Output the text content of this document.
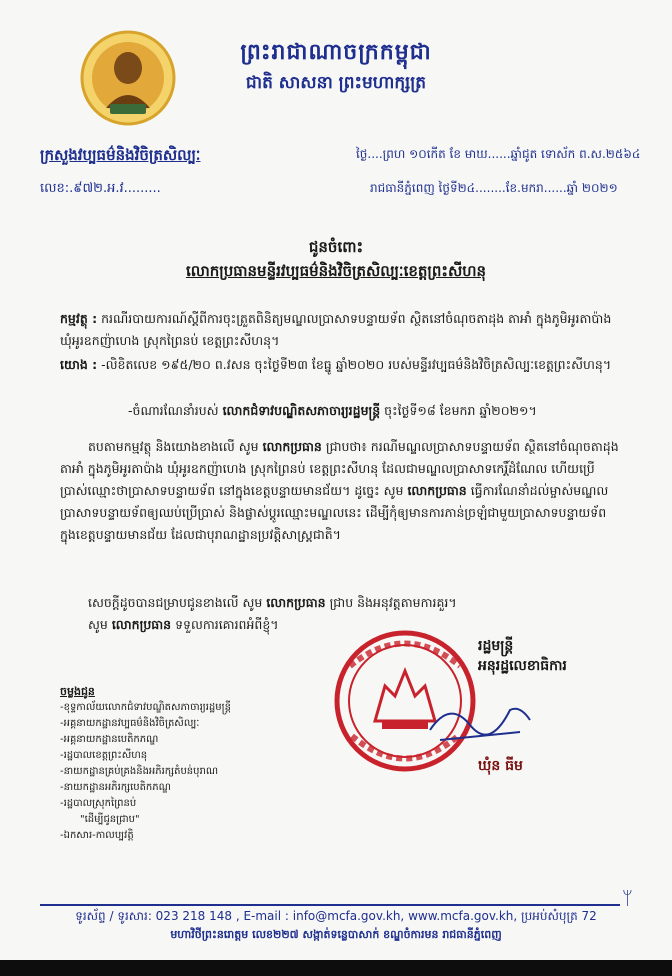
ព្រះរាជាណាចក្រកម្ពុជា
ជាតិ សាសនា ព្រះមហាក្សត្រ
ក្រសួងវប្បធម៌និងវិចិត្រសិល្បៈ
លេខ:.៩៧២.អ.វ.........
ថ្ងៃ....ព្រហ ១០កើត ខែ មាឃ......ឆ្នាំជូត ទោស័ក ព.ស.២៥៦៤
រាជធានីភ្នំពេញ ថ្ងៃទី២៤........ខែ.មករា......ឆ្នាំ ២០២១
ជូនចំពោះ
លោកប្រធានមន្ទីរវប្បធម៌និងវិចិត្រសិល្បៈខេត្តព្រះសីហនុ
កម្មវត្ថុ : ករណីរបាយការណ៍ស្តីពីការចុះត្រួតពិនិត្យមណ្ឌលប្រាសាទបន្ទាយទ័ព ស្ថិតនៅចំណុចតាដុង តាអាំ ក្នុងភូមិអូរតាប៉ាង ឃុំអូរឧកញ៉ាហេង ស្រុកព្រៃនប់ ខេត្តព្រះសីហនុ។
យោង : -លិខិតលេខ ១៩៥/២០ ព.វសន ចុះថ្ងៃទី២៣ ខែធ្នូ ឆ្នាំ២០២០ របស់មន្ទីរវប្បធម៌និងវិចិត្រសិល្បៈខេត្តព្រះសីហនុ។
-ចំណារណែនាំរបស់ លោកជំទាវបណ្ឌិតសភាចារ្យរដ្ឋមន្ត្រី ចុះថ្ងៃទី១៨ ខែមករា ឆ្នាំ២០២១។
តបតាមកម្មវត្ថុ និងយោងខាងលើ សូម លោកប្រធាន ជ្រាបថា៖ ករណីមណ្ឌលប្រាសាទបន្ទាយទ័ព ស្ថិតនៅចំណុចតាដុង តាអាំ ក្នុងភូមិអូរតាប៉ាង ឃុំអូរឧកញ៉ាហេង ស្រុកព្រៃនប់ ខេត្តព្រះសីហនុ ដែលជាមណ្ឌលប្រាសាទកេរ្តិ៍ដំណែល ហើយប្រើប្រាស់ឈ្មោះថាប្រាសាទបន្ទាយទ័ព នៅក្នុងខេត្តបន្ទាយមានជ័យ។ ដូច្នេះ សូម លោកប្រធាន ធ្វើការណែនាំដល់ម្ចាស់មណ្ឌលប្រាសាទបន្ទាយទ័ពឲ្យឈប់ប្រើប្រាស់ និងផ្លាស់ប្តូរឈ្មោះមណ្ឌលនេះ ដើម្បីកុំឲ្យមានការភាន់ច្រឡំជាមួយប្រាសាទបន្ទាយទ័ព ក្នុងខេត្តបន្ទាយមានជ័យ ដែលជាបុរាណដ្ឋានប្រវត្តិសាស្ត្រជាតិ។
សេចក្តីដូចបានជម្រាបជូនខាងលើ សូម លោកប្រធាន ជ្រាប និងអនុវត្តតាមការគួរ។
សូម លោកប្រធាន ទទួលការគោរពអំពីខ្ញុំ។
ចម្លងជូន
-ខុទ្ទកាល័យលោកជំទាវបណ្ឌិតសភាចារ្យរដ្ឋមន្ត្រី
-អគ្គនាយកដ្ឋានវប្បធម៌និងវិចិត្រសិល្បៈ
-អគ្គនាយកដ្ឋានបេតិកភណ្ឌ
-រដ្ឋបាលខេត្តព្រះសីហនុ
-នាយកដ្ឋានគ្រប់គ្រងនិងអភិរក្សតំបន់បុរាណ
-នាយកដ្ឋានអភិរក្សបេតិកភណ្ឌ
-រដ្ឋបាលស្រុកព្រៃនប់
"ដើម្បីជូនជ្រាប"
-ឯកសារ-កាលប្បវត្តិ
រដ្ឋមន្ត្រី
អនុរដ្ឋលេខាធិការ
ឃុំន ធីម
ᛘ
ទូរស័ព្ទ / ទូរសារ: 023 218 148 , E-mail : info@mcfa.gov.kh, www.mcfa.gov.kh, ប្រអប់សំបុត្រ 72
មហាវិថីព្រះនរោត្តម លេខ២២៧ សង្កាត់ទន្លេបាសាក់ ខណ្ឌចំការមន រាជធានីភ្នំពេញ
